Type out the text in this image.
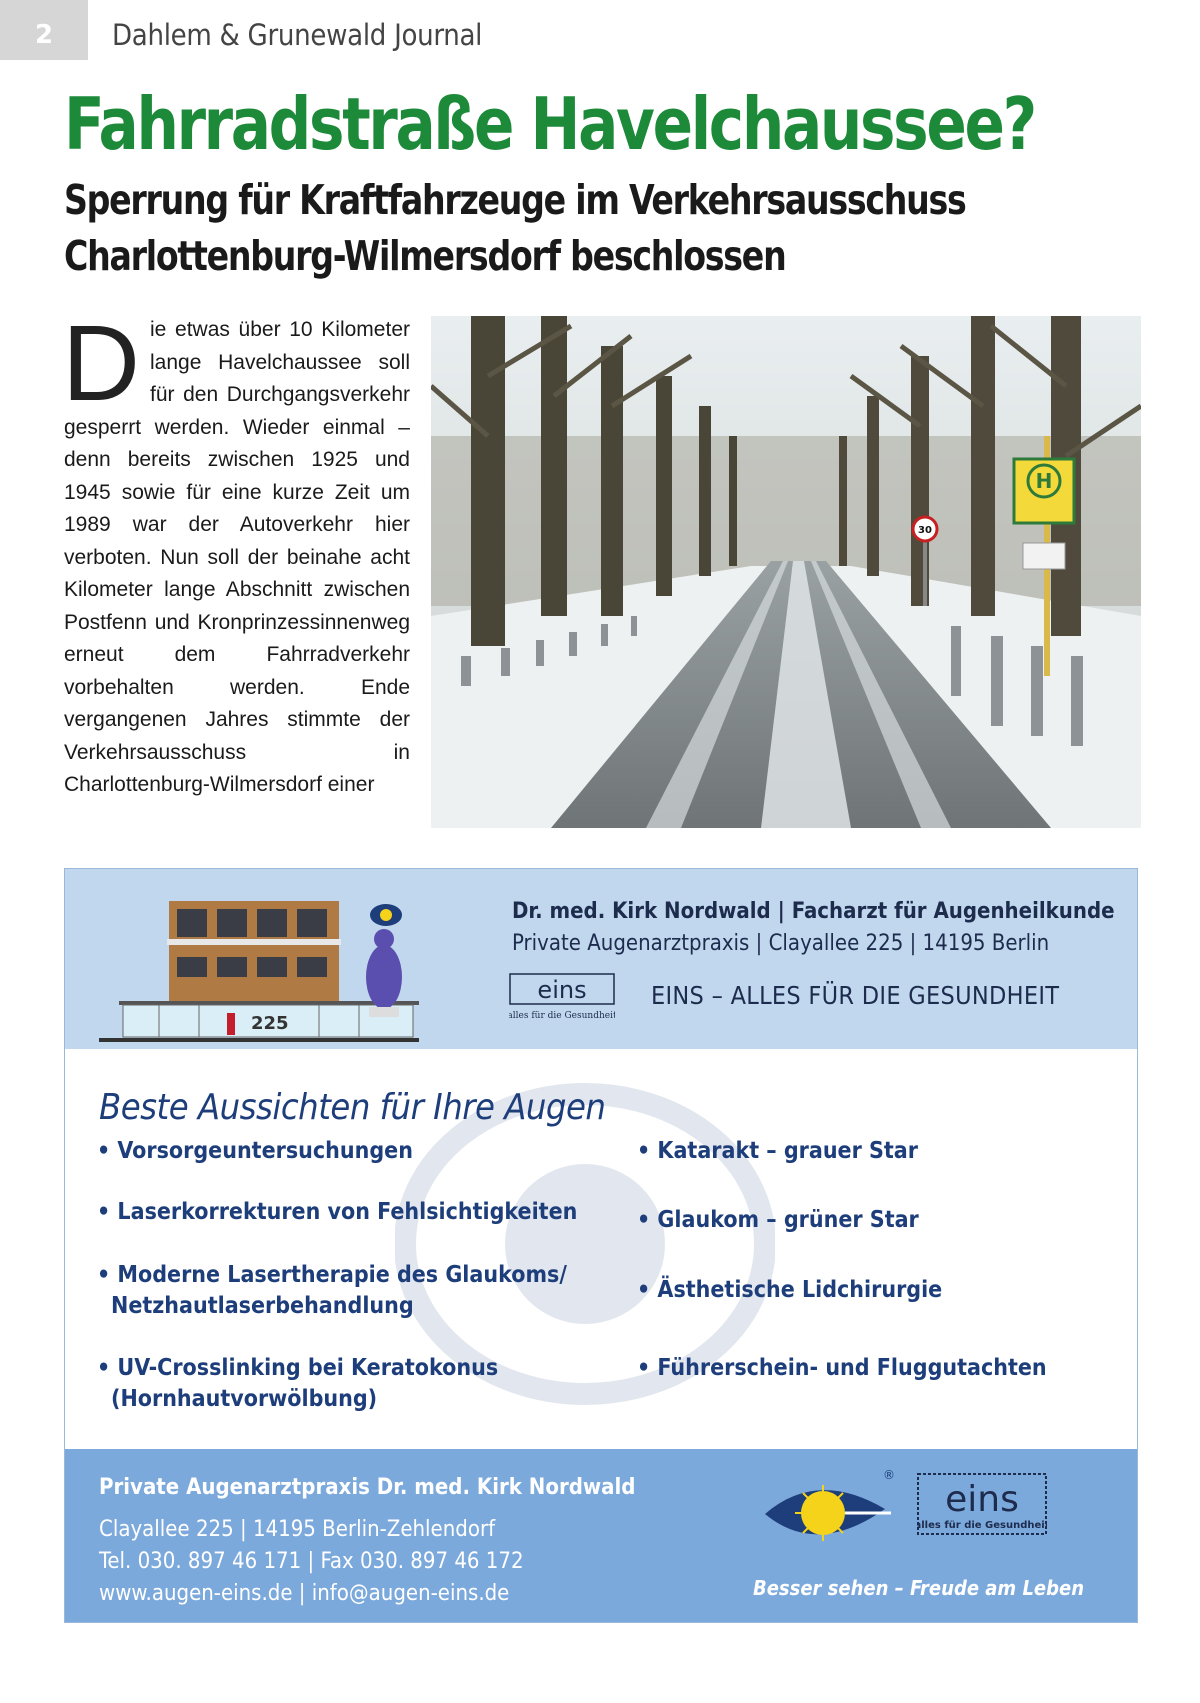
2	Dahlem & Grunewald Journal
Fahrradstraße Havelchaussee?
Sperrung für Kraftfahrzeuge im Verkehrsausschuss
Charlottenburg-Wilmersdorf beschlossen
Die etwas über 10 Kilometer lange Havelchaussee soll für den Durchgangsverkehr gesperrt werden. Wieder einmal – denn bereits zwischen 1925 und 1945 sowie für eine kurze Zeit um 1989 war der Autoverkehr hier verboten. Nun soll der beinahe acht Kilometer lange Abschnitt zwischen Postfenn und Kronprinzessinnenweg erneut dem Fahrradverkehr vorbehalten werden. Ende vergangenen Jahres stimmte der Verkehrsausschuss in Charlottenburg-Wilmersdorf einer
H
30
225
Dr. med. Kirk Nordwald | Facharzt für Augenheilkunde
Private Augenarztpraxis | Clayallee 225 | 14195 Berlin
eins
alles für die Gesundheit
EINS – ALLES FÜR DIE GESUNDHEIT
Beste Aussichten für Ihre Augen
• Vorsorgeuntersuchungen
• Laserkorrekturen von Fehlsichtigkeiten
• Moderne Lasertherapie des Glaukoms/
Netzhautlaserbehandlung
• UV-Crosslinking bei Keratokonus
(Hornhautvorwölbung)
• Katarakt – grauer Star
• Glaukom – grüner Star
• Ästhetische Lidchirurgie
• Führerschein- und Fluggutachten
Private Augenarztpraxis Dr. med. Kirk Nordwald
Clayallee 225 | 14195 Berlin-Zehlendorf
Tel. 030. 897 46 171 | Fax 030. 897 46 172
www.augen-eins.de | info@augen-eins.de
®
eins
alles für die Gesundheit
Besser sehen – Freude am Leben
